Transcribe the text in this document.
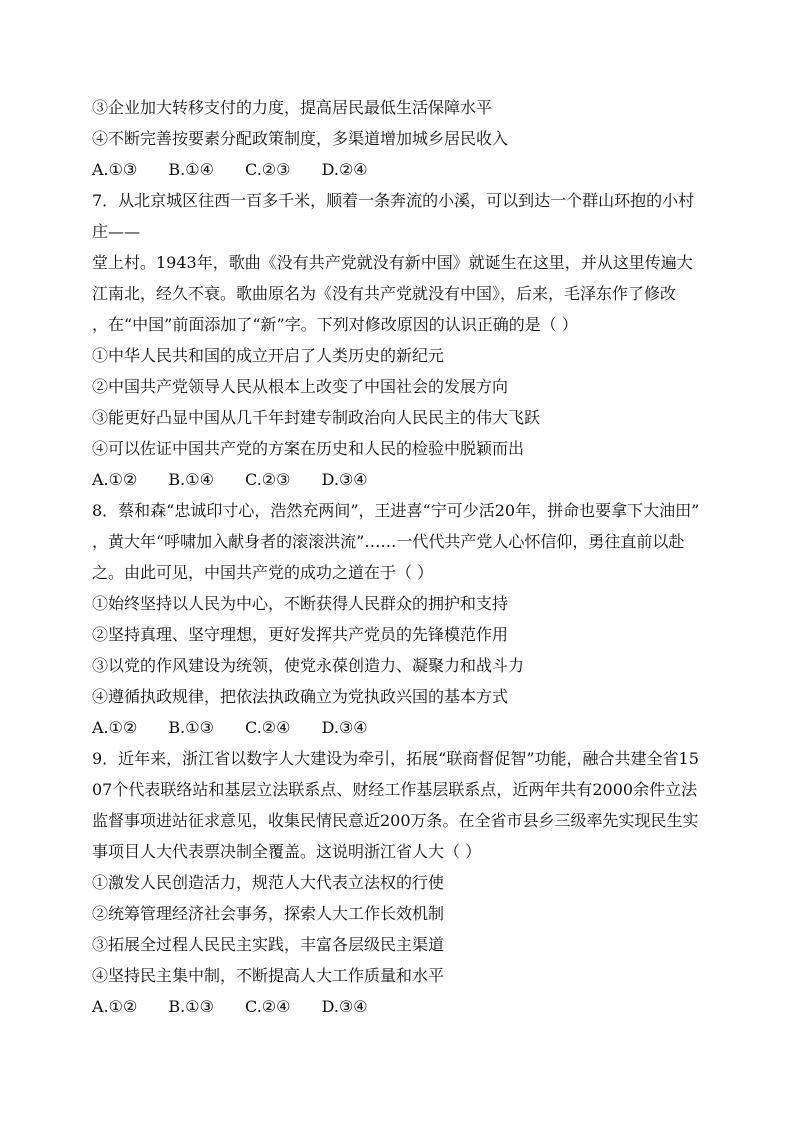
③企业加大转移支付的力度，提高居民最低生活保障水平
④不断完善按要素分配政策制度，多渠道增加城乡居民收入
A.①③ B.①④ C.②③ D.②④
7．从北京城区往西一百多千米，顺着一条奔流的小溪，可以到达一个群山环抱的小村
庄——
堂上村。1943年，歌曲《没有共产党就没有新中国》就诞生在这里，并从这里传遍大
江南北，经久不衰。歌曲原名为《没有共产党就没有中国》，后来，毛泽东作了修改
，在“中国”前面添加了“新”字。下列对修改原因的认识正确的是（ ）
①中华人民共和国的成立开启了人类历史的新纪元
②中国共产党领导人民从根本上改变了中国社会的发展方向
③能更好凸显中国从几千年封建专制政治向人民民主的伟大飞跃
④可以佐证中国共产党的方案在历史和人民的检验中脱颖而出
A.①② B.①④ C.②③ D.③④
8．蔡和森“忠诚印寸心，浩然充两间”，王进喜“宁可少活20年，拼命也要拿下大油田”
，黄大年“呼啸加入献身者的滚滚洪流”……一代代共产党人心怀信仰，勇往直前以赴
之。由此可见，中国共产党的成功之道在于（ ）
①始终坚持以人民为中心，不断获得人民群众的拥护和支持
②坚持真理、坚守理想，更好发挥共产党员的先锋模范作用
③以党的作风建设为统领，使党永葆创造力、凝聚力和战斗力
④遵循执政规律，把依法执政确立为党执政兴国的基本方式
A.①② B.①③ C.②④ D.③④
9．近年来，浙江省以数字人大建设为牵引，拓展“联商督促智”功能，融合共建全省15
07个代表联络站和基层立法联系点、财经工作基层联系点，近两年共有2000余件立法
监督事项进站征求意见，收集民情民意近200万条。在全省市县乡三级率先实现民生实
事项目人大代表票决制全覆盖。这说明浙江省人大（ ）
①激发人民创造活力，规范人大代表立法权的行使
②统筹管理经济社会事务，探索人大工作长效机制
③拓展全过程人民民主实践，丰富各层级民主渠道
④坚持民主集中制，不断提高人大工作质量和水平
A.①② B.①③ C.②④ D.③④
